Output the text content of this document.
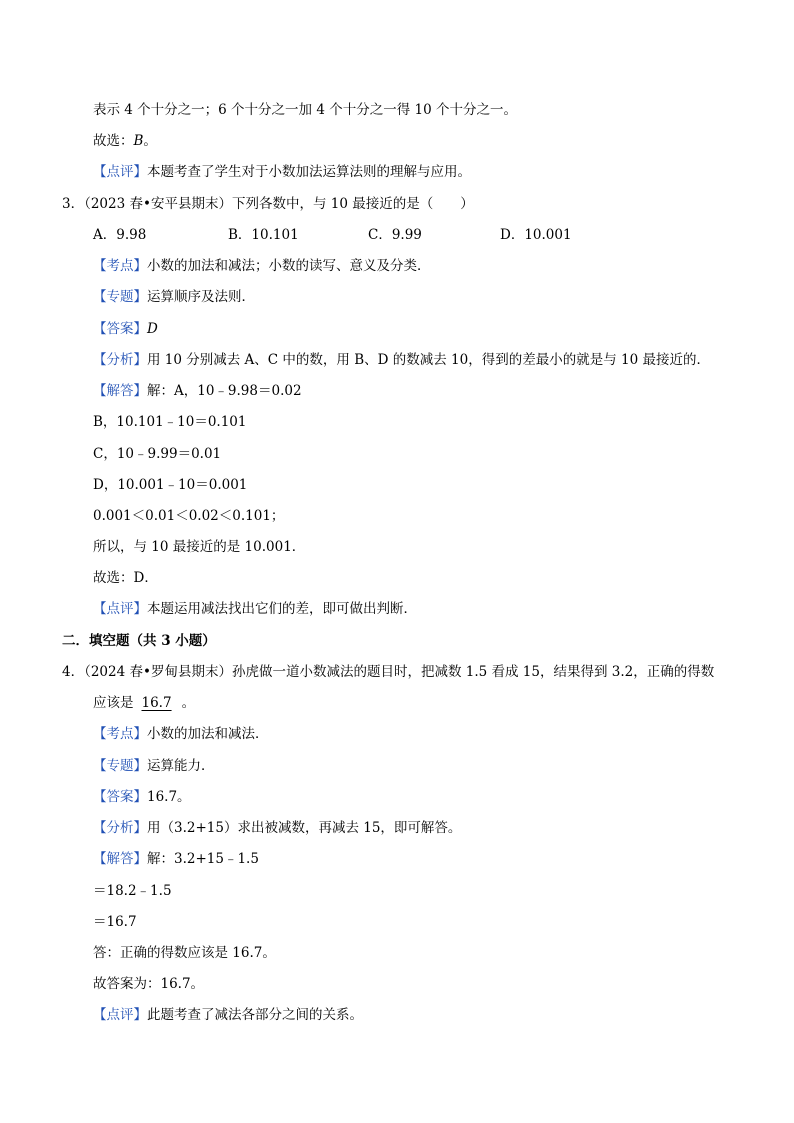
表示 4 个十分之一；6 个十分之一加 4 个十分之一得 10 个十分之一。
故选：B。
【点评】本题考查了学生对于小数加法运算法则的理解与应用。
3．（2023 春•安平县期末）下列各数中，与 10 最接近的是（　　）
A．9.98	B．10.101	C．9.99	D．10.001
【考点】小数的加法和减法；小数的读写、意义及分类．
【专题】运算顺序及法则．
【答案】D
【分析】用 10 分别减去 A、C 中的数，用 B、D 的数减去 10，得到的差最小的就是与 10 最接近的．
【解答】解：A，10﹣9.98＝0.02
B，10.101﹣10＝0.101
C，10﹣9.99＝0.01
D，10.001﹣10＝0.001
0.001＜0.01＜0.02＜0.101；
所以，与 10 最接近的是 10.001．
故选：D．
【点评】本题运用减法找出它们的差，即可做出判断．
二．填空题（共 3 小题）
4．（2024 春•罗甸县期末）孙虎做一道小数减法的题目时，把减数 1.5 看成 15，结果得到 3.2，正确的得数
应该是 16.7 。
【考点】小数的加法和减法．
【专题】运算能力．
【答案】16.7。
【分析】用（3.2+15）求出被减数，再减去 15，即可解答。
【解答】解：3.2+15﹣1.5
＝18.2﹣1.5
＝16.7
答：正确的得数应该是 16.7。
故答案为：16.7。
【点评】此题考查了减法各部分之间的关系。
